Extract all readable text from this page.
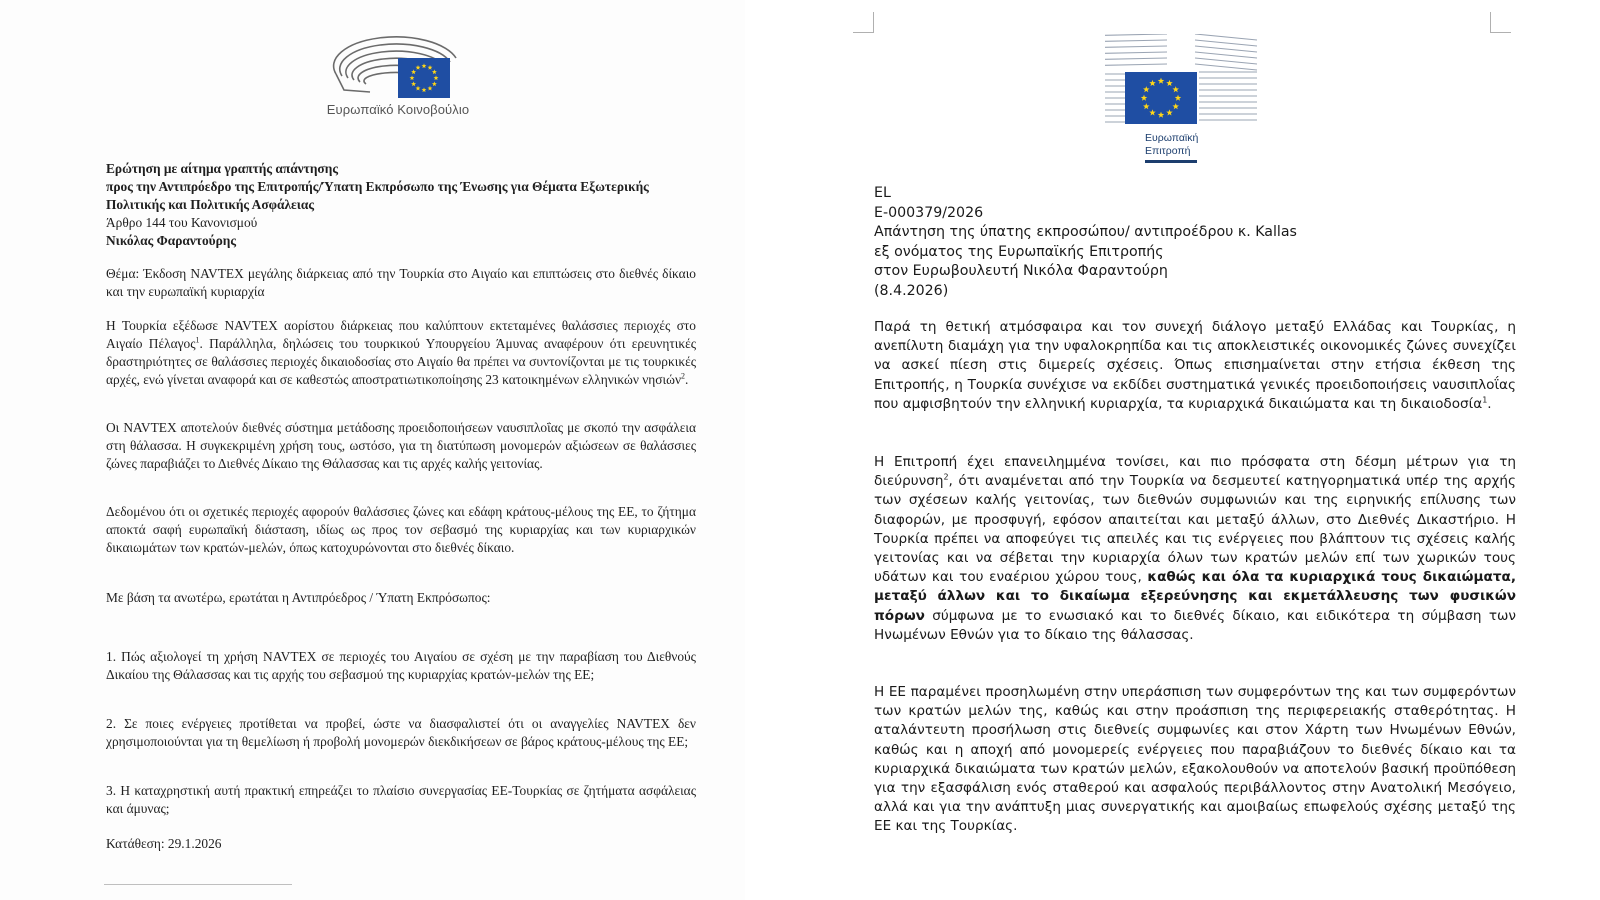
Ευρωπαϊκό Κοινοβούλιο

Ερώτηση με αίτημα γραπτής απάντησης

προς την Αντιπρόεδρο της Επιτροπής/Ύπατη Εκπρόσωπο της Ένωσης για Θέματα Εξωτερικής Πολιτικής και Πολιτικής Ασφάλειας

Άρθρο 144 του Κανονισμού

Νικόλας Φαραντούρης

Θέμα: Έκδοση NAVTEX μεγάλης διάρκειας από την Τουρκία στο Αιγαίο και επιπτώσεις στο διεθνές δίκαιο και την ευρωπαϊκή κυριαρχία
Η Τουρκία εξέδωσε NAVTEX αορίστου διάρκειας που καλύπτουν εκτεταμένες θαλάσσιες περιοχές στο Αιγαίο Πέλαγος$^1$. Παράλληλα, δηλώσεις του τουρκικού Υπουργείου Άμυνας αναφέρουν ότι ερευνητικές δραστηριότητες σε θαλάσσιες περιοχές δικαιοδοσίας στο Αιγαίο θα πρέπει να συντονίζονται με τις τουρκικές αρχές, ενώ γίνεται αναφορά και σε καθεστώς αποστρατιωτικοποίησης 23 κατοικημένων ελληνικών νησιών$^2$.
Οι NAVTEX αποτελούν διεθνές σύστημα μετάδοσης προειδοποιήσεων ναυσιπλοΐας με σκοπό την ασφάλεια στη θάλασσα. Η συγκεκριμένη χρήση τους, ωστόσο, για τη διατύπωση μονομερών αξιώσεων σε θαλάσσιες ζώνες παραβιάζει το Διεθνές Δίκαιο της Θάλασσας και τις αρχές καλής γειτονίας.
Δεδομένου ότι οι σχετικές περιοχές αφορούν θαλάσσιες ζώνες και εδάφη κράτους-μέλους της ΕΕ, το ζήτημα αποκτά σαφή ευρωπαϊκή διάσταση, ιδίως ως προς τον σεβασμό της κυριαρχίας και των κυριαρχικών δικαιωμάτων των κρατών-μελών, όπως κατοχυρώνονται στο διεθνές δίκαιο.
Με βάση τα ανωτέρω, ερωτάται η Αντιπρόεδρος / Ύπατη Εκπρόσωπος:
1. Πώς αξιολογεί τη χρήση NAVTEX σε περιοχές του Αιγαίου σε σχέση με την παραβίαση του Διεθνούς Δικαίου της Θάλασσας και τις αρχής του σεβασμού της κυριαρχίας κρατών-μελών της ΕΕ;
2. Σε ποιες ενέργειες προτίθεται να προβεί, ώστε να διασφαλιστεί ότι οι αναγγελίες NAVTEX δεν χρησιμοποιούνται για τη θεμελίωση ή προβολή μονομερών διεκδικήσεων σε βάρος κράτους-μέλους της ΕΕ;
3. Η καταχρηστική αυτή πρακτική επηρεάζει το πλαίσιο συνεργασίας ΕΕ-Τουρκίας σε ζητήματα ασφάλειας και άμυνας;
Κατάθεση: 29.1.2026
Ευρωπαϊκή
Επιτροπή

EL

E-000379/2026

Απάντηση της ύπατης εκπροσώπου/ αντιπροέδρου κ. Kallas

εξ ονόματος της Ευρωπαϊκής Επιτροπής

στον Ευρωβουλευτή Νικόλα Φαραντούρη

(8.4.2026)

Παρά τη θετική ατμόσφαιρα και τον συνεχή διάλογο μεταξύ Ελλάδας και Τουρκίας, η ανεπίλυτη διαμάχη για την υφαλοκρηπίδα και τις αποκλειστικές οικονομικές ζώνες συνεχίζει να ασκεί πίεση στις διμερείς σχέσεις. Όπως επισημαίνεται στην ετήσια έκθεση της Επιτροπής, η Τουρκία συνέχισε να εκδίδει συστηματικά γενικές προειδοποιήσεις ναυσιπλοΐας που αμφισβητούν την ελληνική κυριαρχία, τα κυριαρχικά δικαιώματα και τη δικαιοδοσία$^1$.
Η Επιτροπή έχει επανειλημμένα τονίσει, και πιο πρόσφατα στη δέσμη μέτρων για τη διεύρυνση$^2$, ότι αναμένεται από την Τουρκία να δεσμευτεί κατηγορηματικά υπέρ της αρχής των σχέσεων καλής γειτονίας, των διεθνών συμφωνιών και της ειρηνικής επίλυσης των διαφορών, με προσφυγή, εφόσον απαιτείται και μεταξύ άλλων, στο Διεθνές Δικαστήριο. Η Τουρκία πρέπει να αποφεύγει τις απειλές και τις ενέργειες που βλάπτουν τις σχέσεις καλής γειτονίας και να σέβεται την κυριαρχία όλων των κρατών μελών επί των χωρικών τους υδάτων και του εναέριου χώρου τους, καθώς και όλα τα κυριαρχικά τους δικαιώματα, μεταξύ άλλων και το δικαίωμα εξερεύνησης και εκμετάλλευσης των φυσικών πόρων σύμφωνα με το ενωσιακό και το διεθνές δίκαιο, και ειδικότερα τη σύμβαση των Ηνωμένων Εθνών για το δίκαιο της θάλασσας.
Η ΕΕ παραμένει προσηλωμένη στην υπεράσπιση των συμφερόντων της και των συμφερόντων των κρατών μελών της, καθώς και στην προάσπιση της περιφερειακής σταθερότητας. Η αταλάντευτη προσήλωση στις διεθνείς συμφωνίες και στον Χάρτη των Ηνωμένων Εθνών, καθώς και η αποχή από μονομερείς ενέργειες που παραβιάζουν το διεθνές δίκαιο και τα κυριαρχικά δικαιώματα των κρατών μελών, εξακολουθούν να αποτελούν βασική προϋπόθεση για την εξασφάλιση ενός σταθερού και ασφαλούς περιβάλλοντος στην Ανατολική Μεσόγειο, αλλά και για την ανάπτυξη μιας συνεργατικής και αμοιβαίως επωφελούς σχέσης μεταξύ της ΕΕ και της Τουρκίας.
